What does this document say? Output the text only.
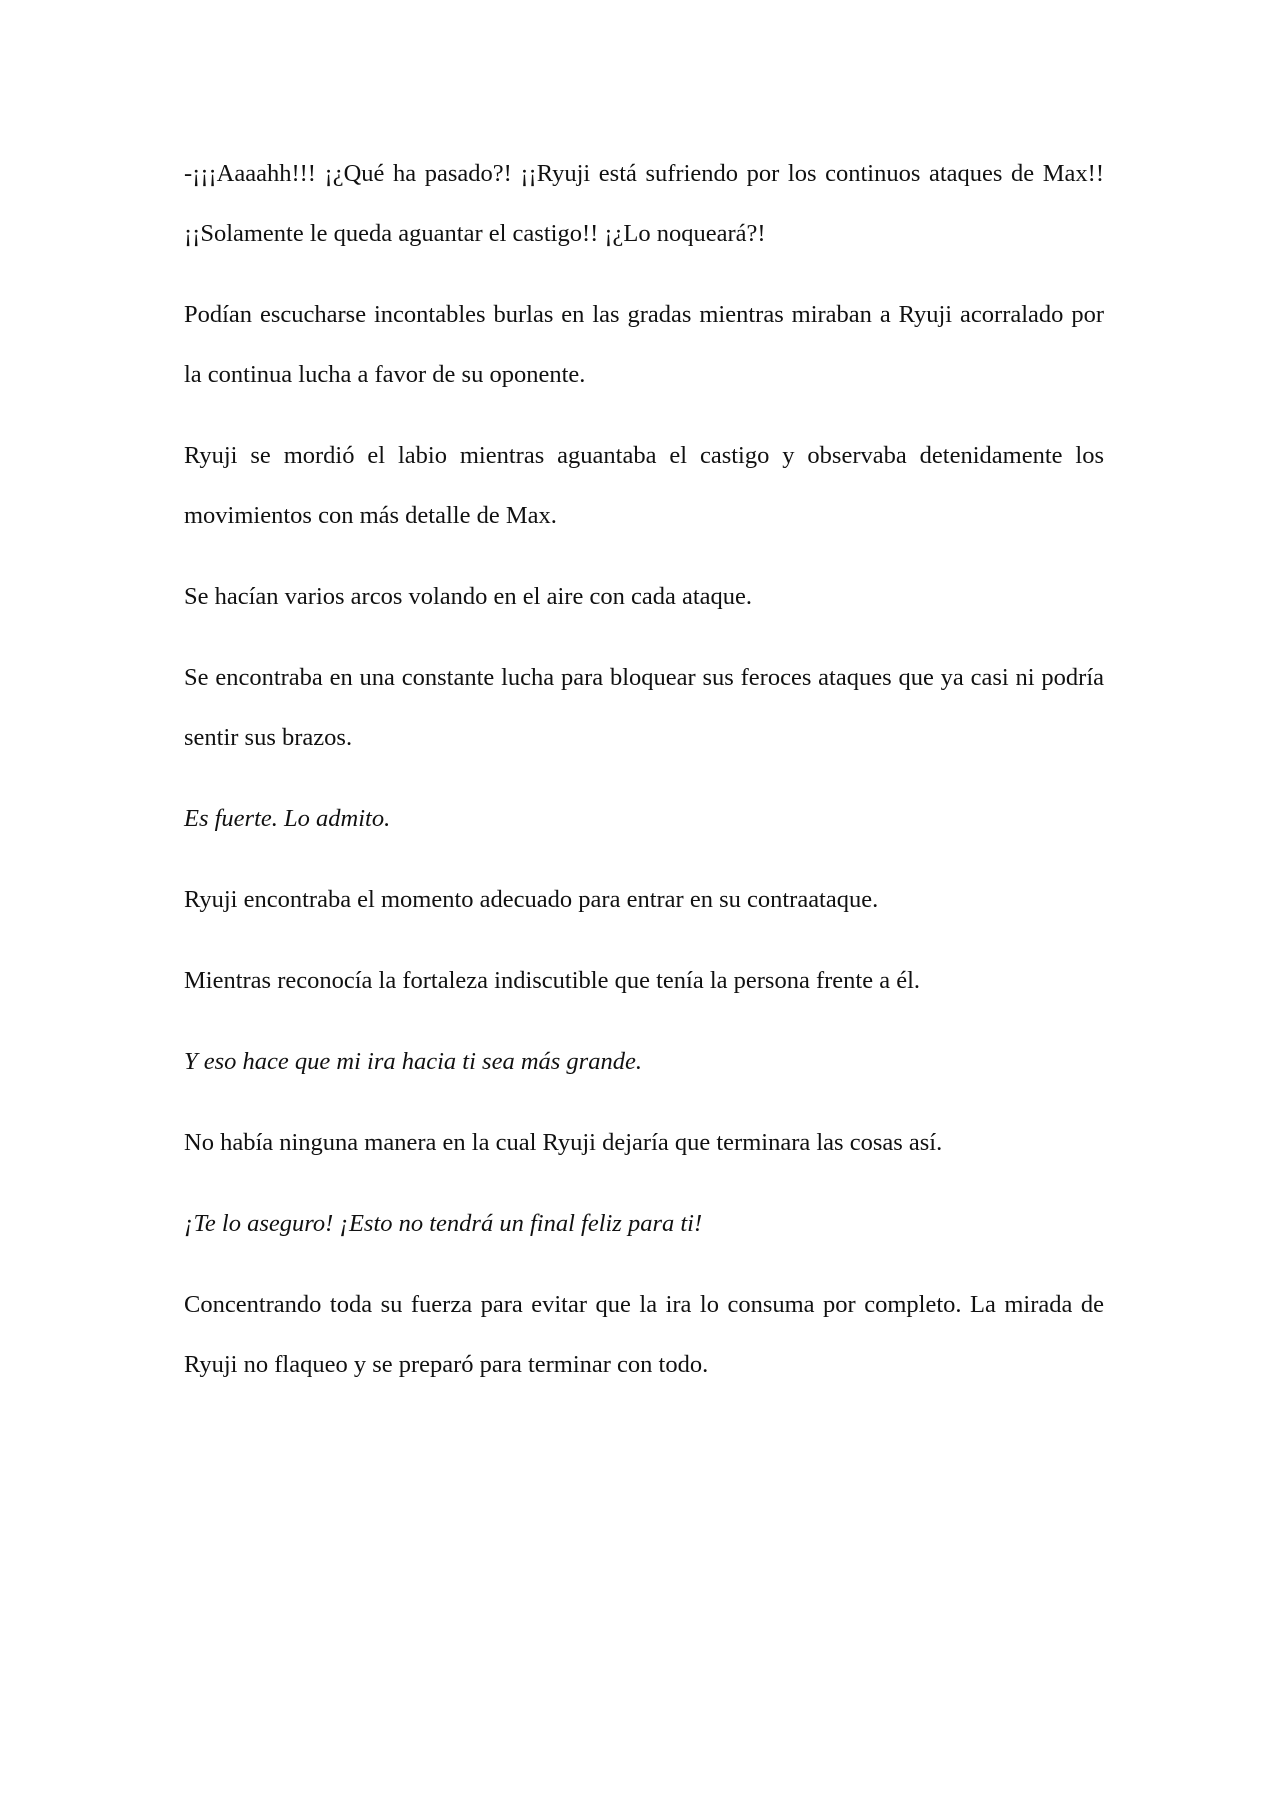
-¡¡¡Aaaahh!!! ¡¿Qué ha pasado?! ¡¡Ryuji está sufriendo por los continuos ataques de Max!! ¡¡Solamente le queda aguantar el castigo!! ¡¿Lo noqueará?!

Podían escucharse incontables burlas en las gradas mientras miraban a Ryuji acorralado por la continua lucha a favor de su oponente.

Ryuji se mordió el labio mientras aguantaba el castigo y observaba detenidamente los movimientos con más detalle de Max.

Se hacían varios arcos volando en el aire con cada ataque.

Se encontraba en una constante lucha para bloquear sus feroces ataques que ya casi ni podría sentir sus brazos.

Es fuerte. Lo admito.

Ryuji encontraba el momento adecuado para entrar en su contraataque.

Mientras reconocía la fortaleza indiscutible que tenía la persona frente a él.

Y eso hace que mi ira hacia ti sea más grande.

No había ninguna manera en la cual Ryuji dejaría que terminara las cosas así.

¡Te lo aseguro! ¡Esto no tendrá un final feliz para ti!

Concentrando toda su fuerza para evitar que la ira lo consuma por completo. La mirada de Ryuji no flaqueo y se preparó para terminar con todo.
